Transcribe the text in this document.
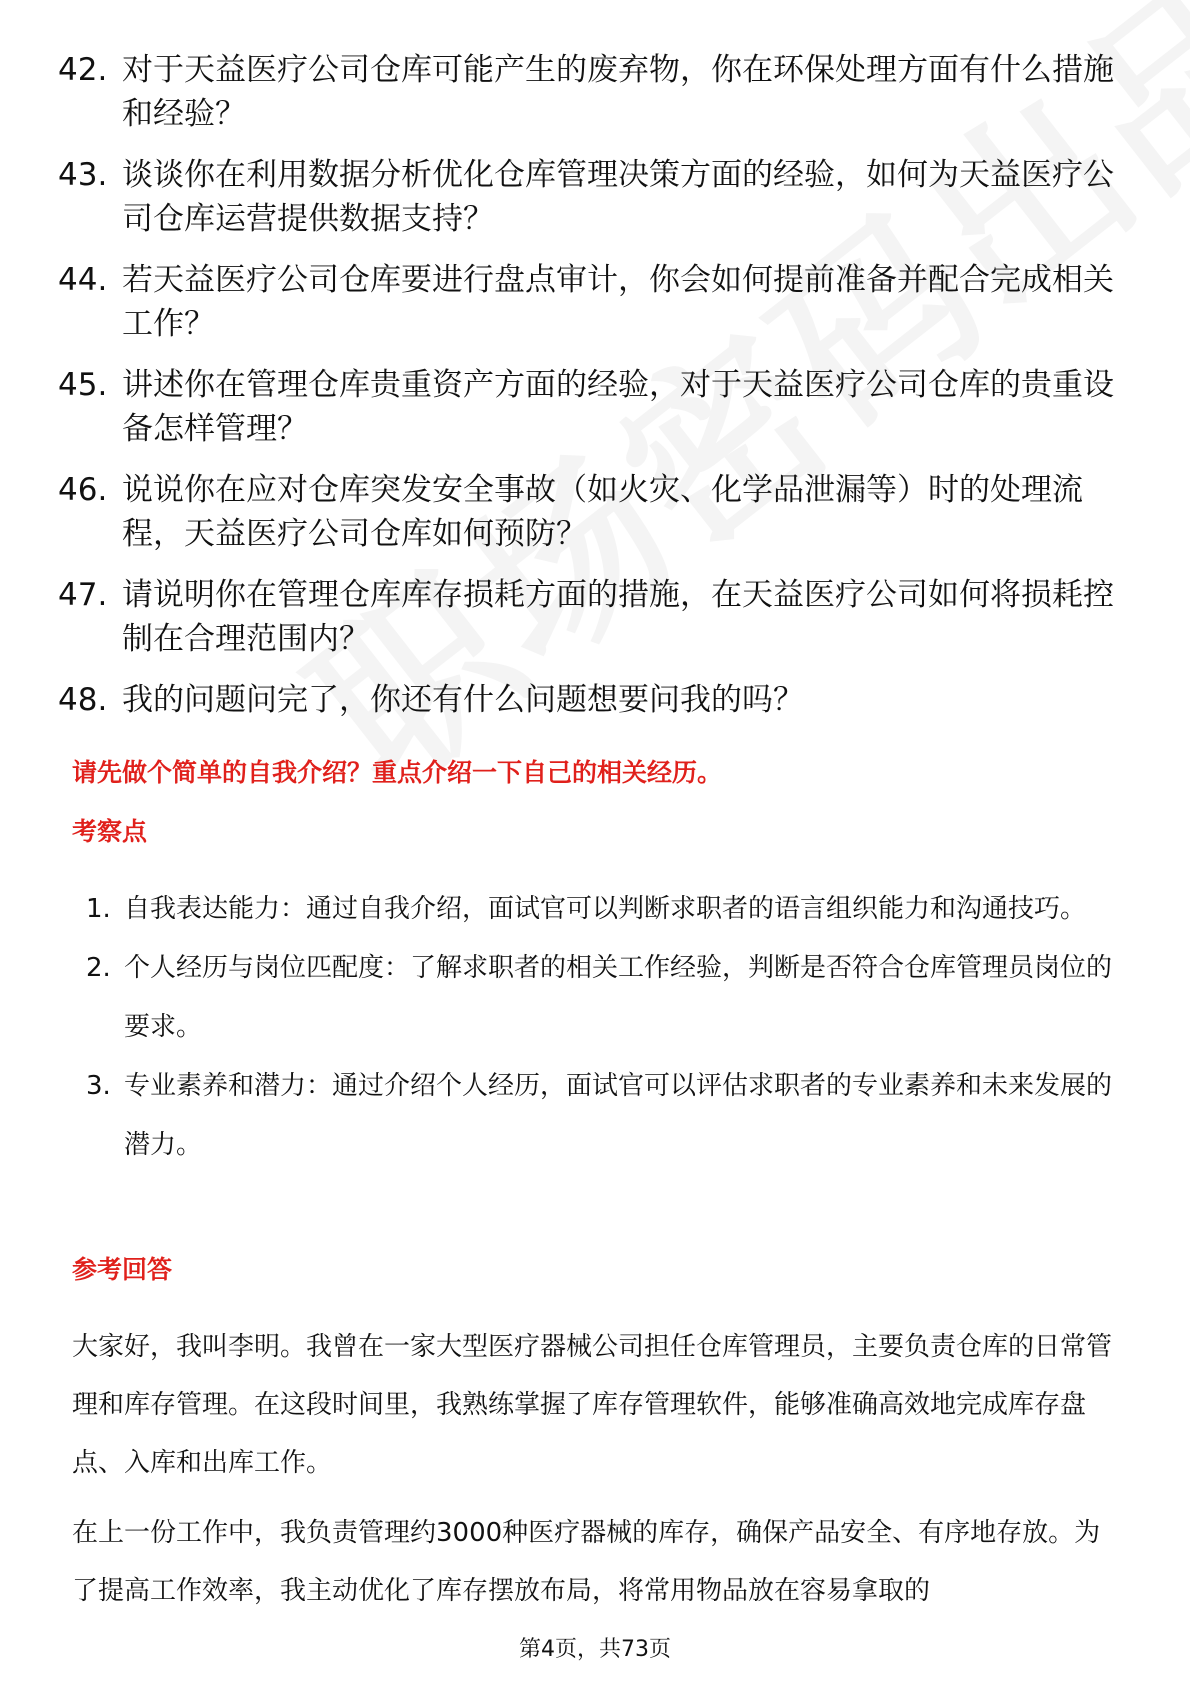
42. 对于天益医疗公司仓库可能产生的废弃物，你在环保处理方面有什么措施和经验？
43. 谈谈你在利用数据分析优化仓库管理决策方面的经验，如何为天益医疗公司仓库运营提供数据支持？
44. 若天益医疗公司仓库要进行盘点审计，你会如何提前准备并配合完成相关工作？
45. 讲述你在管理仓库贵重资产方面的经验，对于天益医疗公司仓库的贵重设备怎样管理？
46. 说说你在应对仓库突发安全事故（如火灾、化学品泄漏等）时的处理流程，天益医疗公司仓库如何预防？
47. 请说明你在管理仓库库存损耗方面的措施，在天益医疗公司如何将损耗控制在合理范围内？
48. 我的问题问完了，你还有什么问题想要问我的吗？
请先做个简单的自我介绍？重点介绍一下自己的相关经历。
考察点
1. 自我表达能力：通过自我介绍，面试官可以判断求职者的语言组织能力和沟通技巧。
2. 个人经历与岗位匹配度：了解求职者的相关工作经验，判断是否符合仓库管理员岗位的要求。
3. 专业素养和潜力：通过介绍个人经历，面试官可以评估求职者的专业素养和未来发展的潜力。
参考回答

大家好，我叫李明。我曾在一家大型医疗器械公司担任仓库管理员，主要负责仓库的日常管理和库存管理。在这段时间里，我熟练掌握了库存管理软件，能够准确高效地完成库存盘点、入库和出库工作。

在上一份工作中，我负责管理约3000种医疗器械的库存，确保产品安全、有序地存放。为了提高工作效率，我主动优化了库存摆放布局，将常用物品放在容易拿取的

第4页，共73页
